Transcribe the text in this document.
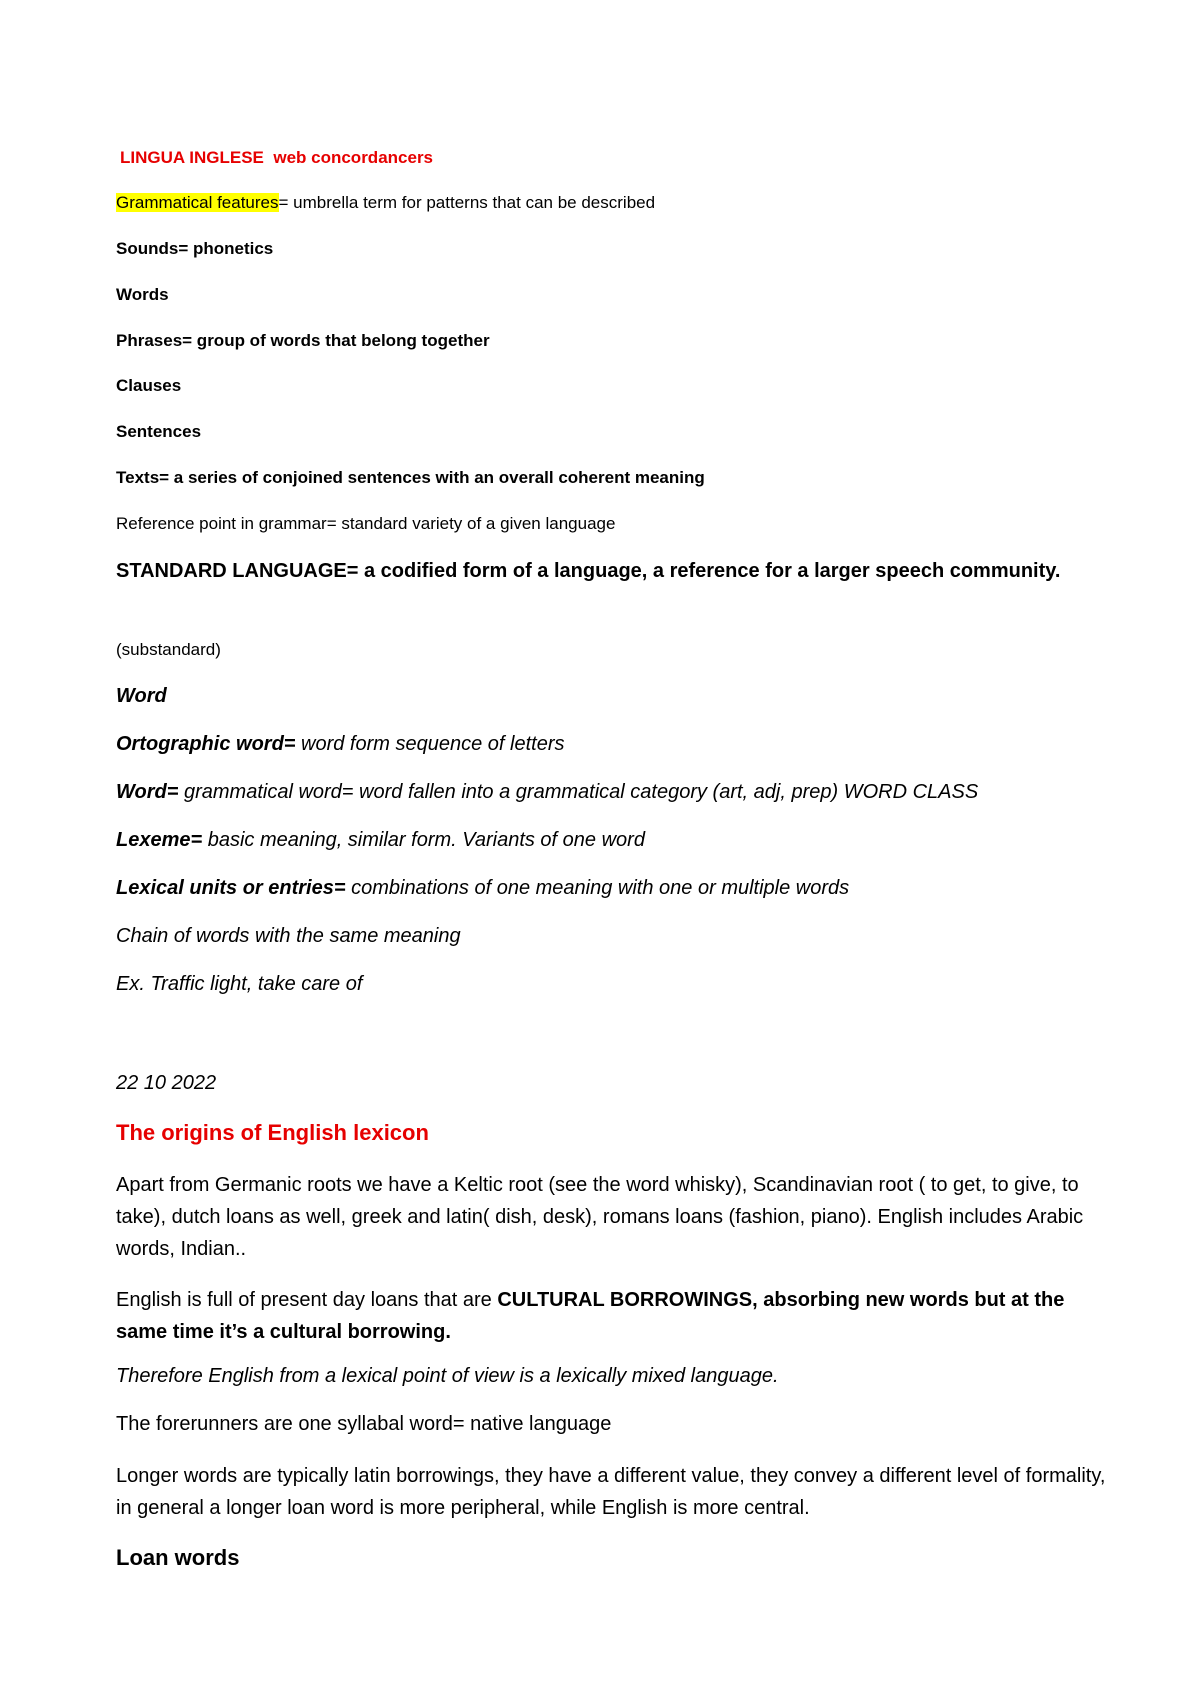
LINGUA INGLESE web concordancers

Grammatical features= umbrella term for patterns that can be described

Sounds= phonetics

Words

Phrases= group of words that belong together

Clauses

Sentences

Texts= a series of conjoined sentences with an overall coherent meaning

Reference point in grammar= standard variety of a given language

STANDARD LANGUAGE= a codified form of a language, a reference for a larger speech community.

(substandard)

Word

Ortographic word= word form sequence of letters

Word= grammatical word= word fallen into a grammatical category (art, adj, prep) WORD CLASS

Lexeme= basic meaning, similar form. Variants of one word

Lexical units or entries= combinations of one meaning with one or multiple words

Chain of words with the same meaning

Ex. Traffic light, take care of

22 10 2022

The origins of English lexicon

Apart from Germanic roots we have a Keltic root (see the word whisky), Scandinavian root ( to get, to give, to take), dutch loans as well, greek and latin( dish, desk), romans loans (fashion, piano). English includes Arabic words, Indian..

English is full of present day loans that are CULTURAL BORROWINGS, absorbing new words but at the same time it’s a cultural borrowing.

Therefore English from a lexical point of view is a lexically mixed language.

The forerunners are one syllabal word= native language

Longer words are typically latin borrowings, they have a different value, they convey a different level of formality, in general a longer loan word is more peripheral, while English is more central.

Loan words
